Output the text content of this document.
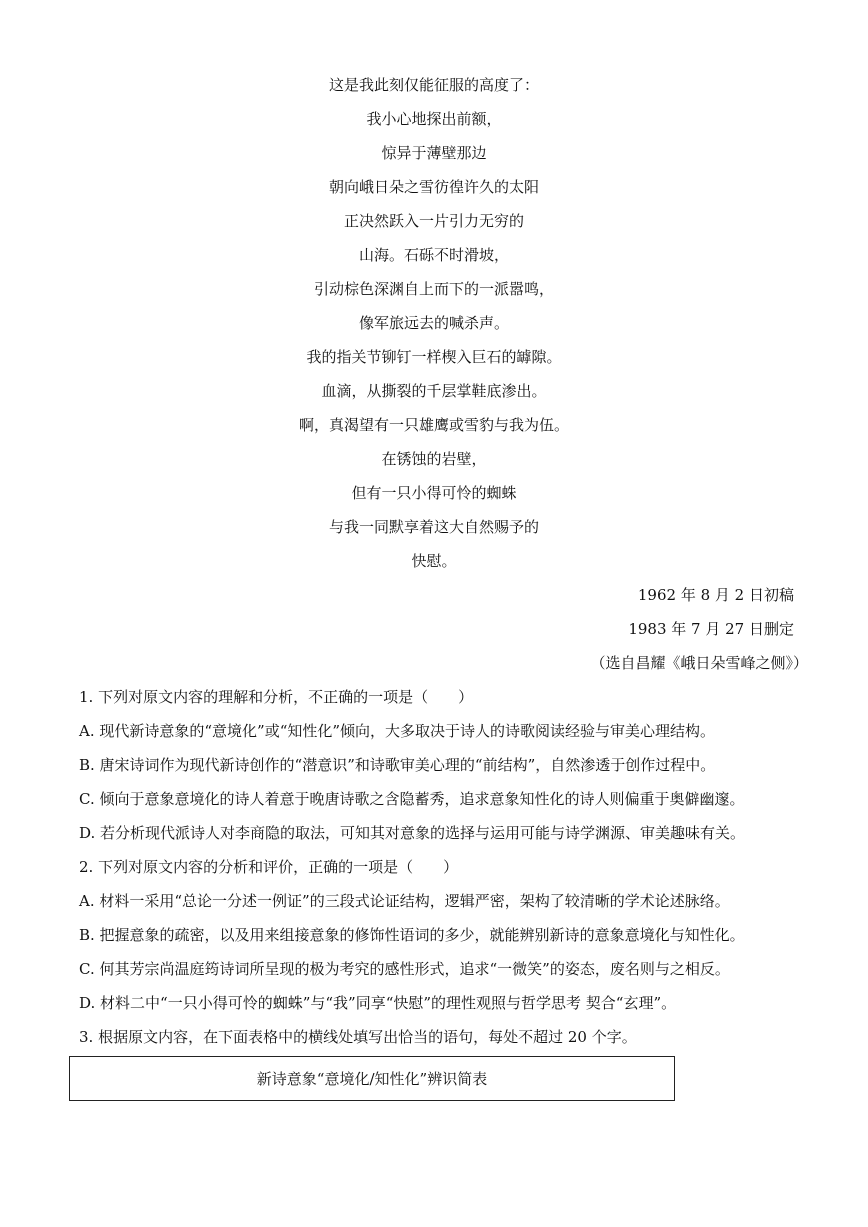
这是我此刻仅能征服的高度了：
我小心地探出前额，
惊异于薄壁那边
朝向峨日朵之雪彷徨许久的太阳
正决然跃入一片引力无穷的
山海。石砾不时滑坡，
引动棕色深渊自上而下的一派嚣鸣，
像军旅远去的喊杀声。
我的指关节铆钉一样楔入巨石的罅隙。
血滴，从撕裂的千层掌鞋底渗出。
啊，真渴望有一只雄鹰或雪豹与我为伍。
在锈蚀的岩壁，
但有一只小得可怜的蜘蛛
与我一同默享着这大自然赐予的
快慰。
1962 年 8 月 2 日初稿
1983 年 7 月 27 日删定
（选自昌耀《峨日朵雪峰之侧》）
1. 下列对原文内容的理解和分析，不正确的一项是（　　）
A. 现代新诗意象的“意境化”或“知性化”倾向，大多取决于诗人的诗歌阅读经验与审美心理结构。
B. 唐宋诗词作为现代新诗创作的“潜意识”和诗歌审美心理的“前结构”，自然渗透于创作过程中。
C. 倾向于意象意境化的诗人着意于晚唐诗歌之含隐蓄秀，追求意象知性化的诗人则偏重于奥僻幽邃。
D. 若分析现代派诗人对李商隐的取法，可知其对意象的选择与运用可能与诗学渊源、审美趣味有关。
2. 下列对原文内容的分析和评价，正确的一项是（　　）
A. 材料一采用“总论一分述一例证”的三段式论证结构，逻辑严密，架构了较清晰的学术论述脉络。
B. 把握意象的疏密，以及用来组接意象的修饰性语词的多少，就能辨别新诗的意象意境化与知性化。
C. 何其芳宗尚温庭筠诗词所呈现的极为考究的感性形式，追求“一微笑”的姿态，废名则与之相反。
D. 材料二中“一只小得可怜的蜘蛛”与“我”同享“快慰”的理性观照与哲学思考 契合“玄理”。
3. 根据原文内容，在下面表格中的横线处填写出恰当的语句，每处不超过 20 个字。
新诗意象“意境化/知性化”辨识简表
